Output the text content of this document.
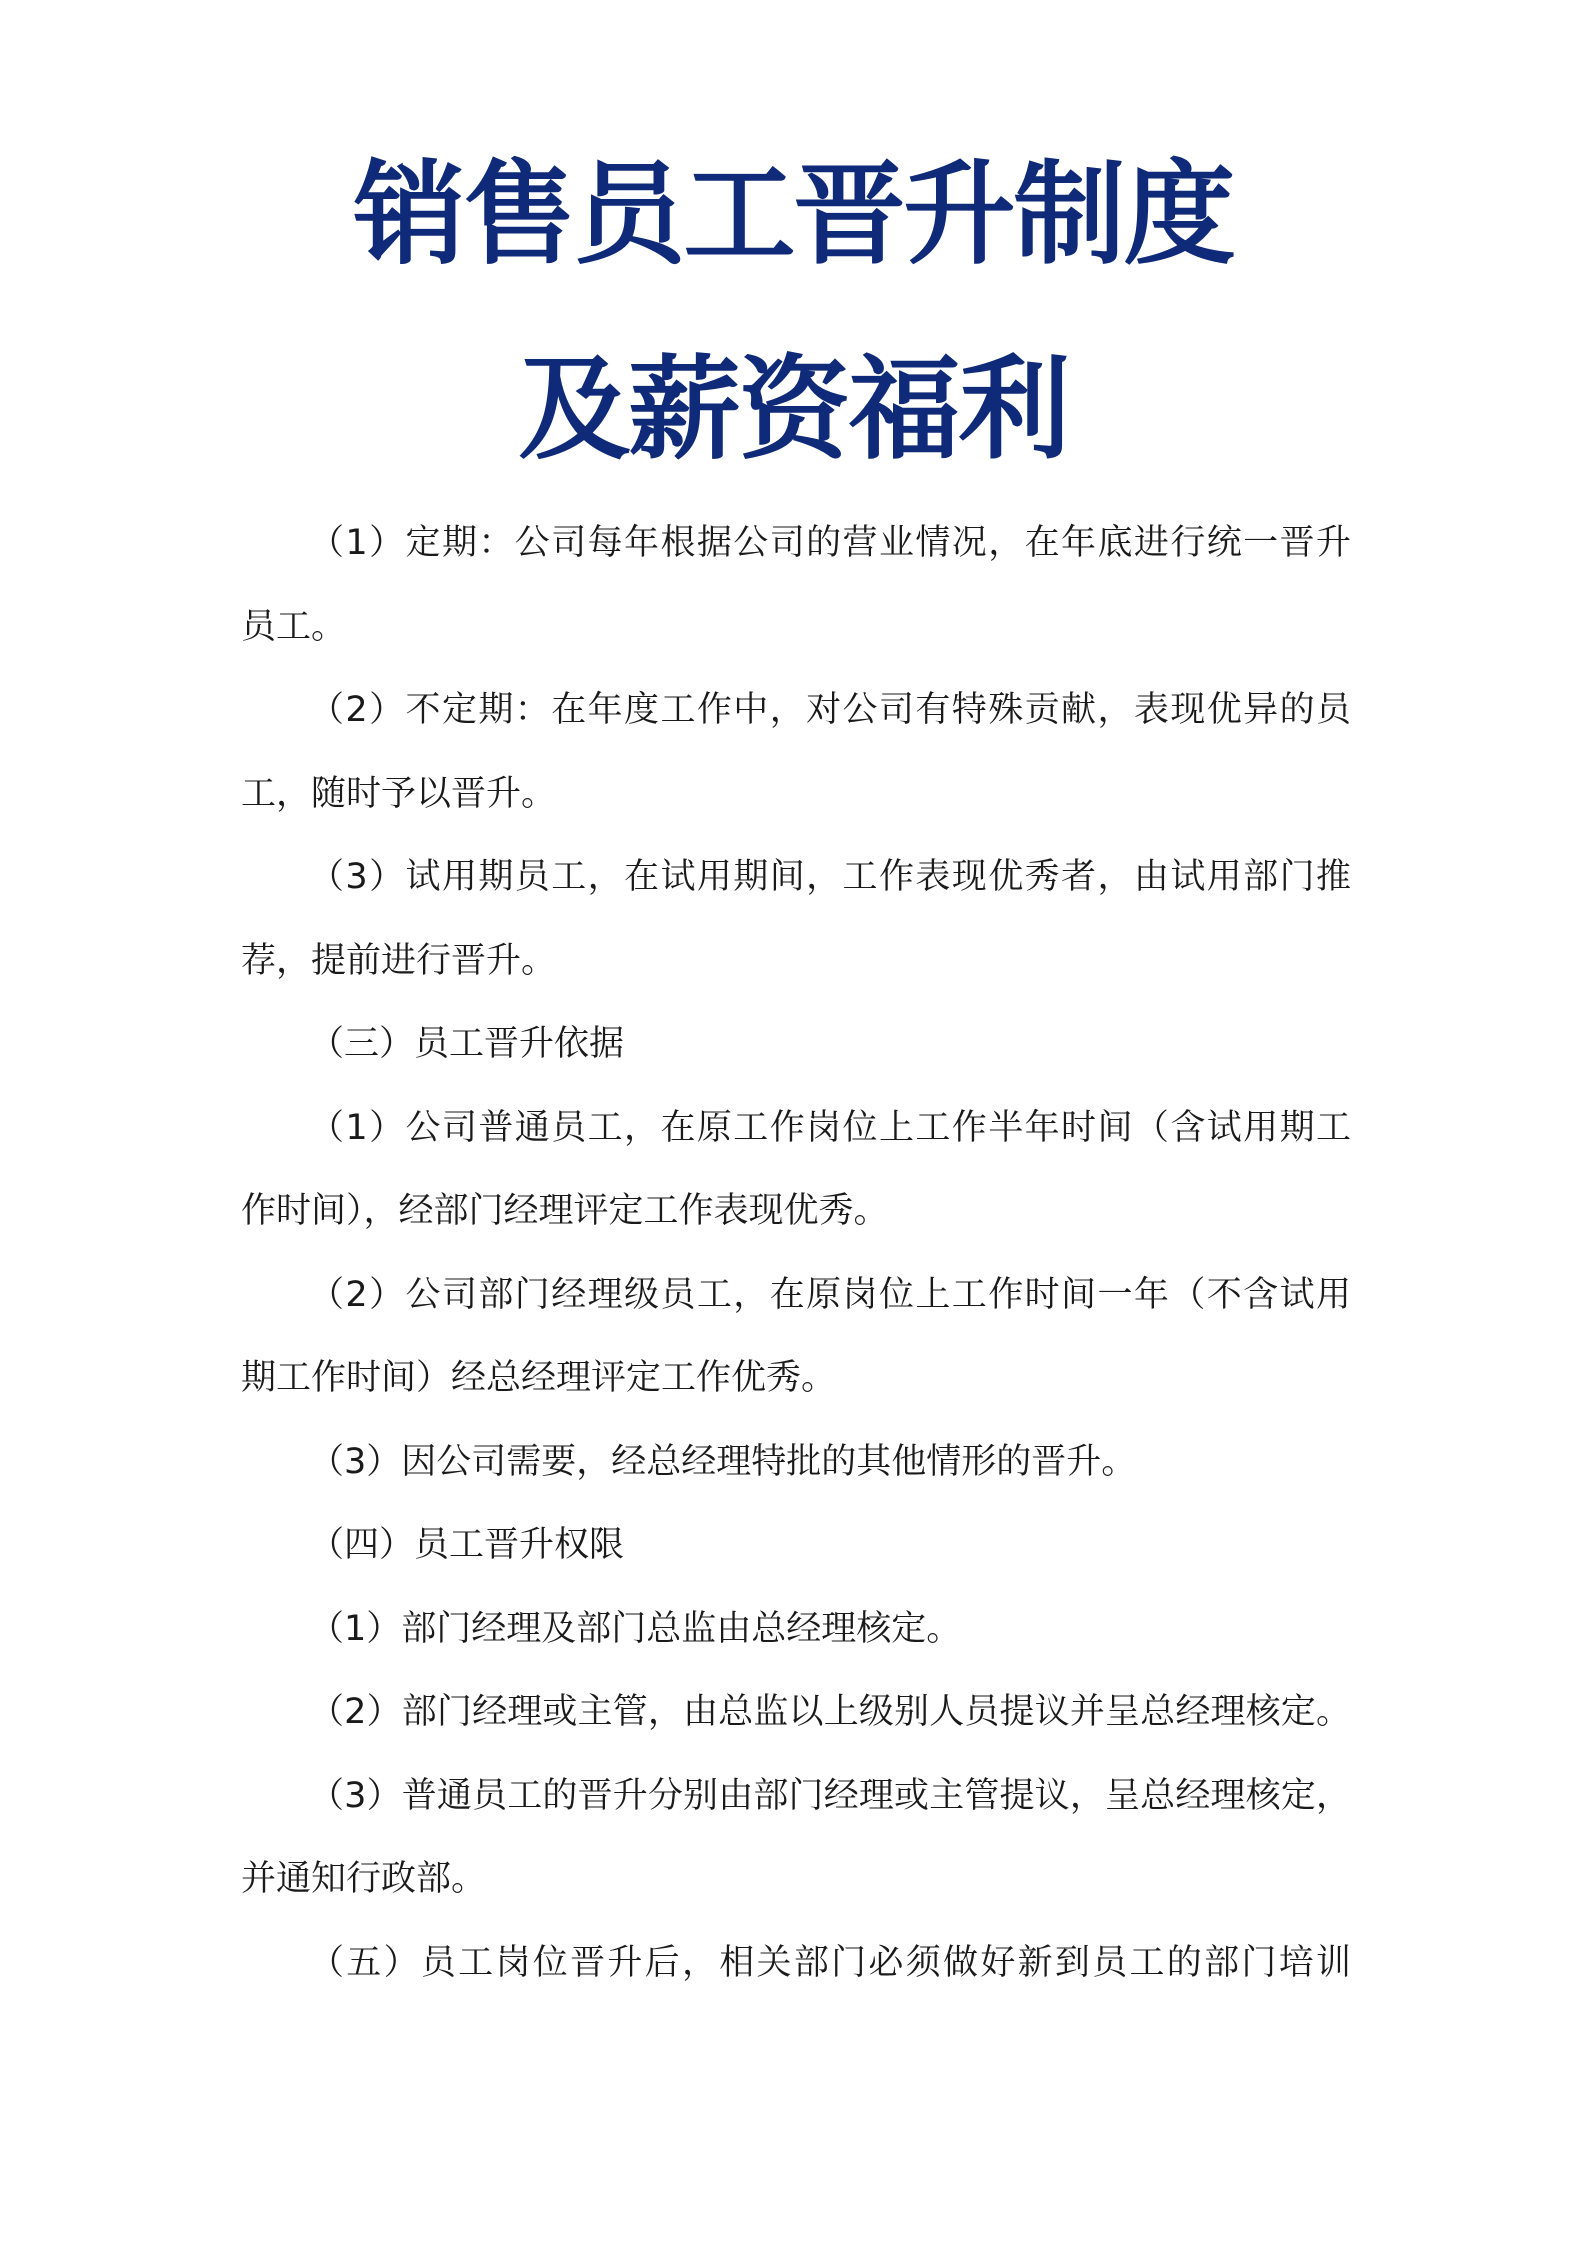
销售员工晋升制度
及薪资福利
（1）定期：公司每年根据公司的营业情况，在年底进行统一晋升
员工。
（2）不定期：在年度工作中，对公司有特殊贡献，表现优异的员
工，随时予以晋升。
（3）试用期员工，在试用期间，工作表现优秀者，由试用部门推
荐，提前进行晋升。
（三）员工晋升依据
（1）公司普通员工，在原工作岗位上工作半年时间（含试用期工
作时间），经部门经理评定工作表现优秀。
（2）公司部门经理级员工，在原岗位上工作时间一年（不含试用
期工作时间）经总经理评定工作优秀。
（3）因公司需要，经总经理特批的其他情形的晋升。
（四）员工晋升权限
（1）部门经理及部门总监由总经理核定。
（2）部门经理或主管，由总监以上级别人员提议并呈总经理核定。
（3）普通员工的晋升分别由部门经理或主管提议，呈总经理核定，
并通知行政部。
（五）员工岗位晋升后，相关部门必须做好新到员工的部门培训
